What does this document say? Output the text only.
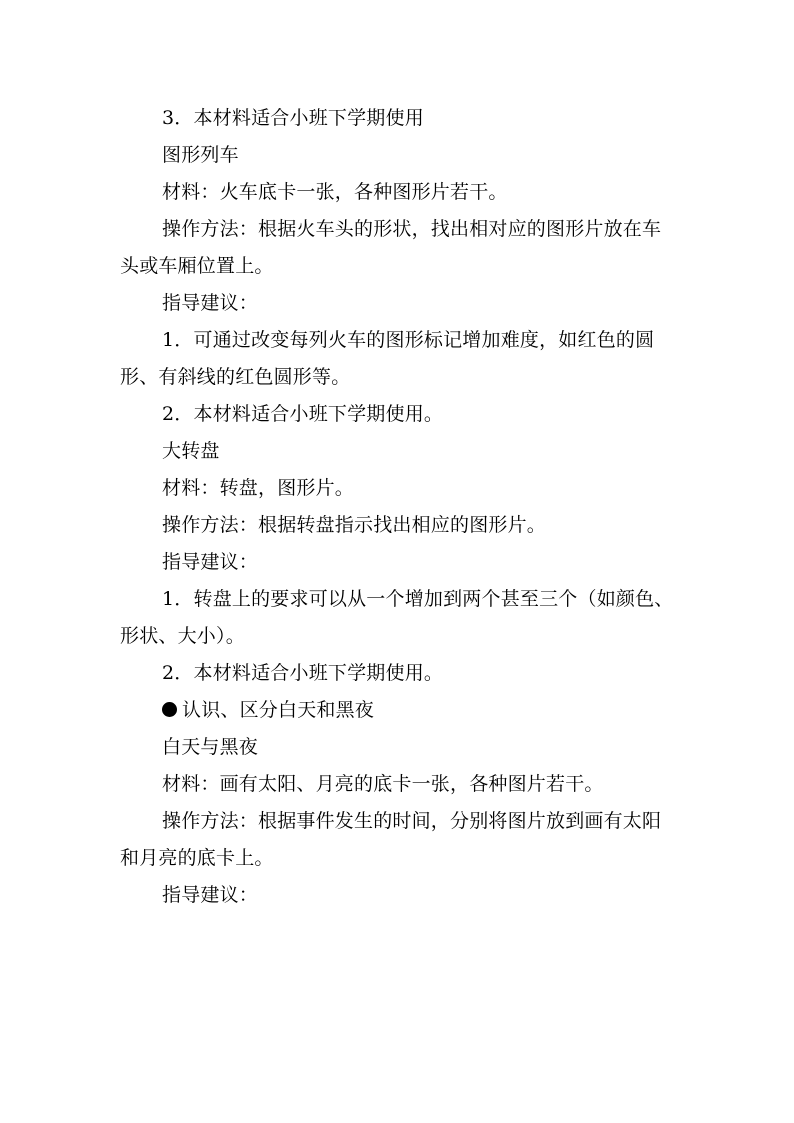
3．本材料适合小班下学期使用

图形列车

材料：火车底卡一张，各种图形片若干。

操作方法：根据火车头的形状，找出相对应的图形片放在车头或车厢位置上。

指导建议：

1．可通过改变每列火车的图形标记增加难度，如红色的圆形、有斜线的红色圆形等。

2．本材料适合小班下学期使用。

大转盘

材料：转盘，图形片。

操作方法：根据转盘指示找出相应的图形片。

指导建议：

1．转盘上的要求可以从一个增加到两个甚至三个（如颜色、形状、大小）。

2．本材料适合小班下学期使用。

认识、区分白天和黑夜

白天与黑夜

材料：画有太阳、月亮的底卡一张，各种图片若干。

操作方法：根据事件发生的时间，分别将图片放到画有太阳和月亮的底卡上。

指导建议：
